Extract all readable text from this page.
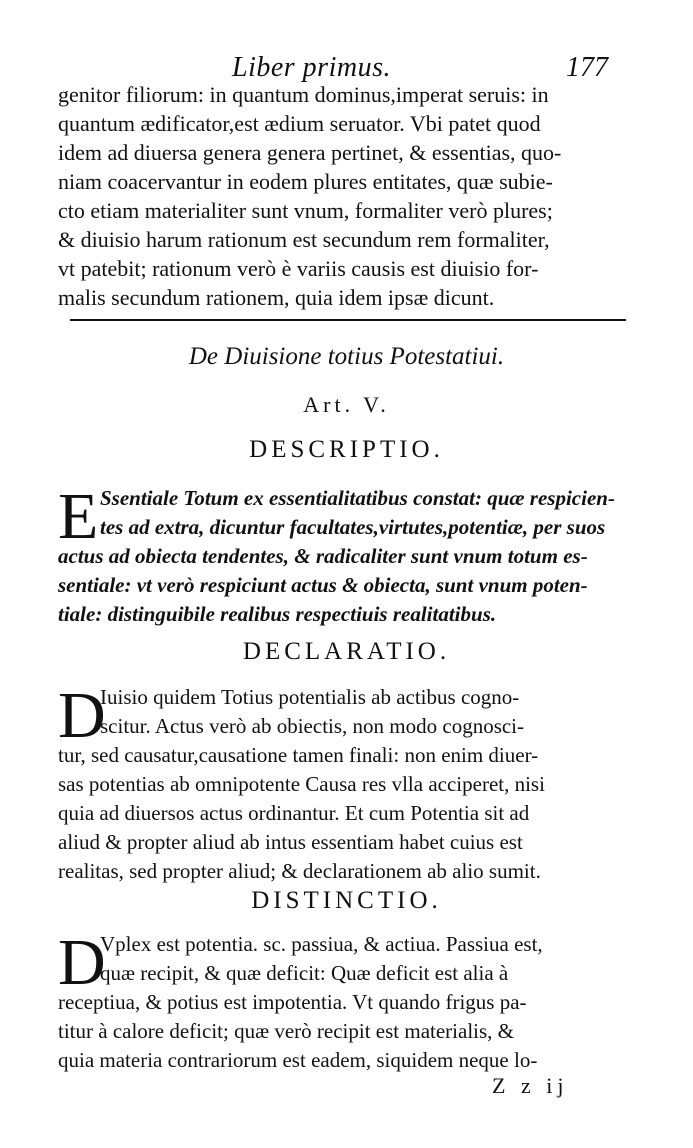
Liber primus.	177
genitor filiorum: in quantum dominus,imperat seruis: in
quantum ædificator,est ædium seruator. Vbi patet quod
idem ad diuersa genera genera pertinet, & essentias, quo-
niam coacervantur in eodem plures entitates, quæ subie-
cto etiam materialiter sunt vnum, formaliter verò plures;
& diuisio harum rationum est secundum rem formaliter,
vt patebit; rationum verò è variis causis est diuisio for-
malis secundum rationem, quia idem ipsæ dicunt.
De Diuisione totius Potestatiui.
Art. V.
DESCRIPTIO.
E Ssentiale Totum ex essentialitatibus constat: quæ respicien-
tes ad extra, dicuntur facultates,virtutes,potentiæ, per suos
actus ad obiecta tendentes, & radicaliter sunt vnum totum es-
sentiale: vt verò respiciunt actus & obiecta, sunt vnum poten-
tiale: distinguibile realibus respectiuis realitatibus.
DECLARATIO.
D
Iuisio quidem Totius potentialis ab actibus cogno-
scitur. Actus verò ab obiectis, non modo cognosci-
tur, sed causatur,causatione tamen finali: non enim diuer-
sas potentias ab omnipotente Causa res vlla acciperet, nisi
quia ad diuersos actus ordinantur. Et cum Potentia sit ad
aliud & propter aliud ab intus essentiam habet cuius est
realitas, sed propter aliud; & declarationem ab alio sumit.
DISTINCTIO.
D
Vplex est potentia. sc. passiua, & actiua. Passiua est,
quæ recipit, & quæ deficit: Quæ deficit est alia à
receptiua, & potius est impotentia. Vt quando frigus pa-
titur à calore deficit; quæ verò recipit est materialis, &
quia materia contrariorum est eadem, siquidem neque lo-
Z z ij
